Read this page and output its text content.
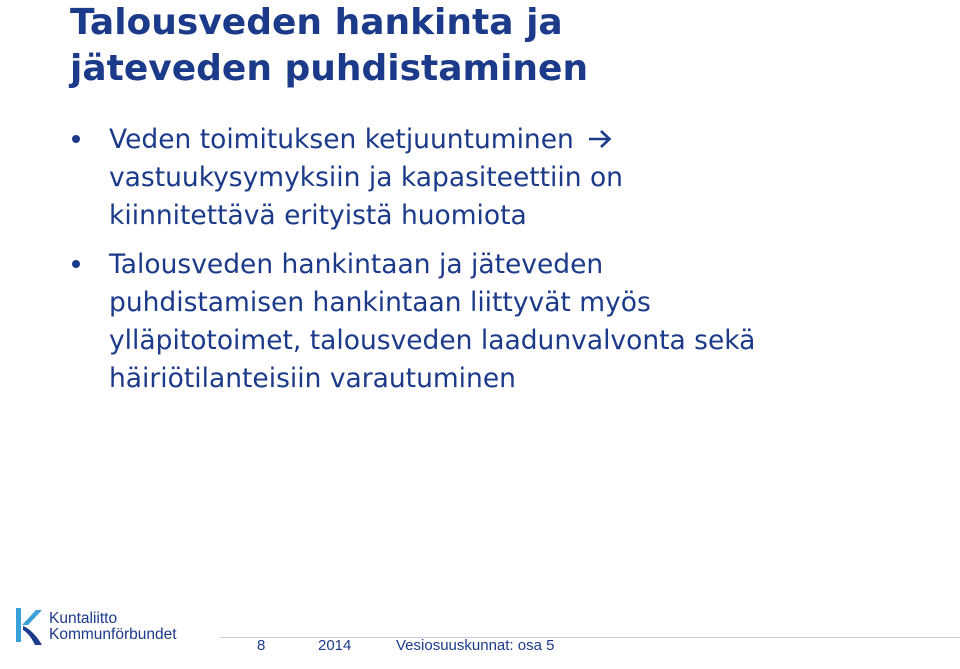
Talousveden hankinta ja
jäteveden puhdistaminen
Veden toimituksen ketjuuntuminen
vastuukysymyksiin ja kapasiteettiin on
kiinnitettävä erityistä huomiota
Talousveden hankintaan ja jäteveden
puhdistamisen hankintaan liittyvät myös
ylläpitotoimet, talousveden laadunvalvonta sekä
häiriötilanteisiin varautuminen
Kuntaliitto
Kommunförbundet
8	2014	Vesiosuuskunnat: osa 5
